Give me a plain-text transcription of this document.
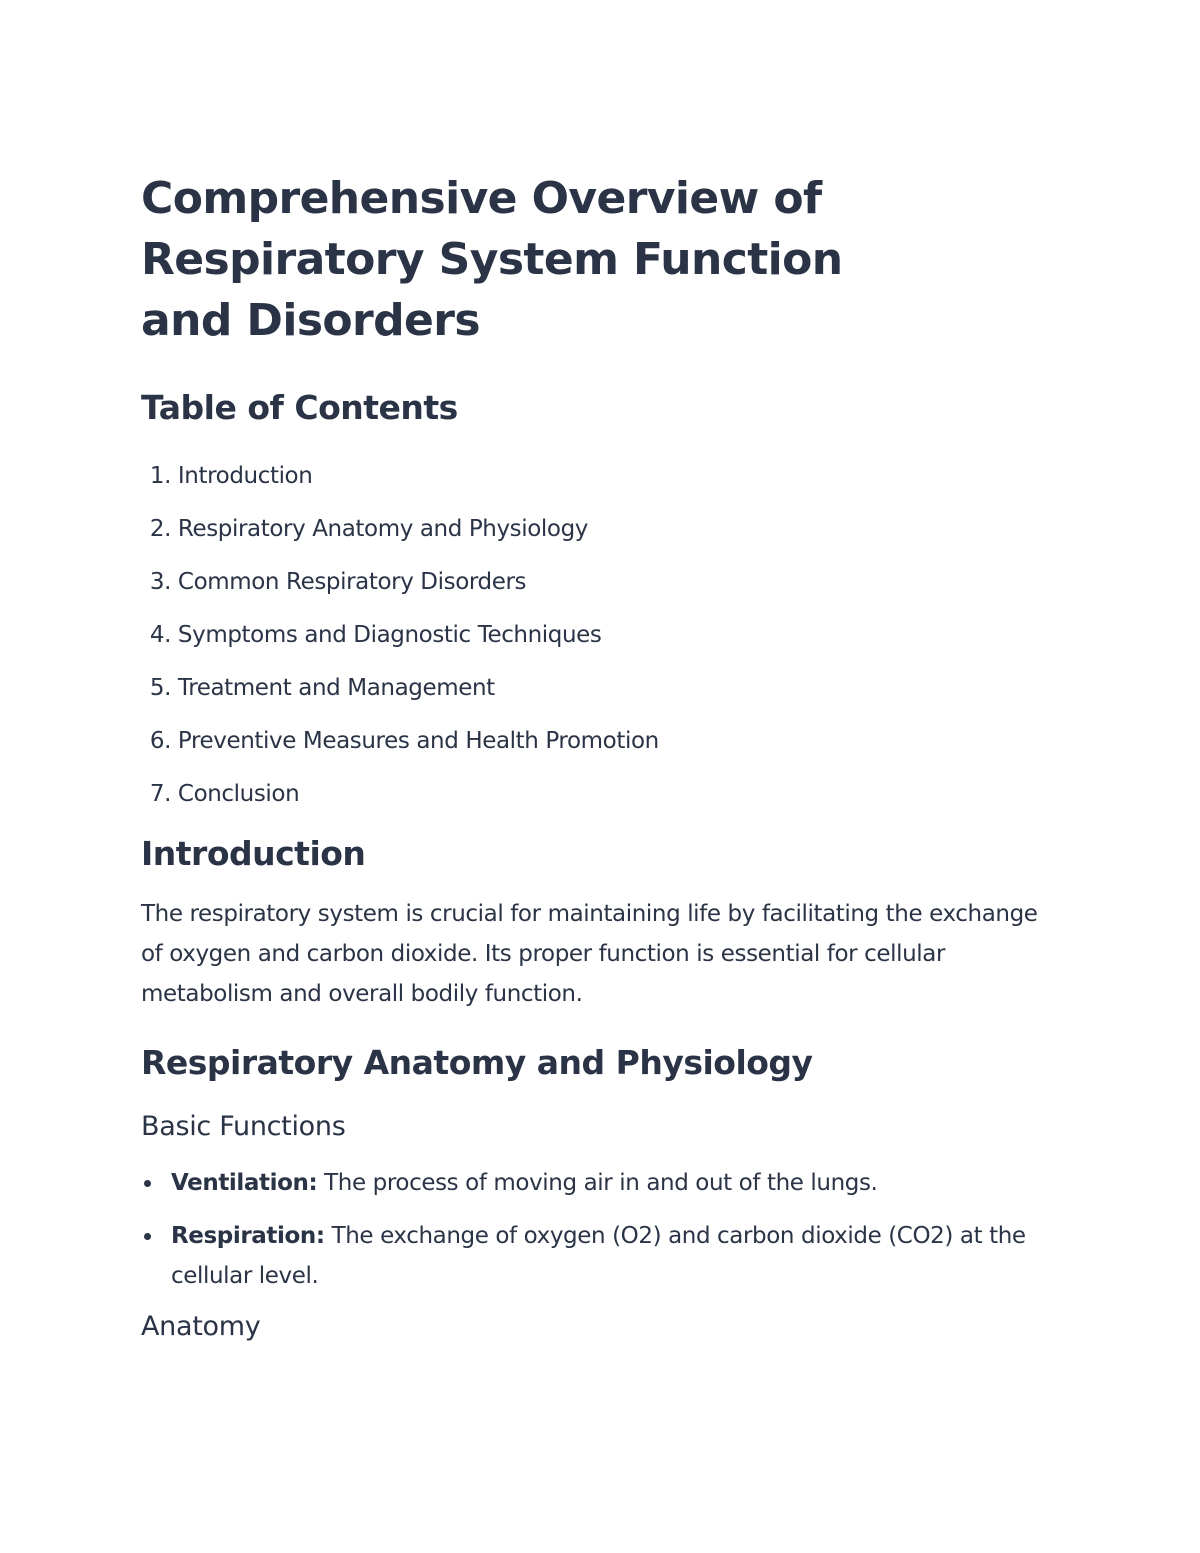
Comprehensive Overview of Respiratory System Function and Disorders
Table of Contents
1. Introduction
2. Respiratory Anatomy and Physiology
3. Common Respiratory Disorders
4. Symptoms and Diagnostic Techniques
5. Treatment and Management
6. Preventive Measures and Health Promotion
7. Conclusion
Introduction

The respiratory system is crucial for maintaining life by facilitating the exchange of oxygen and carbon dioxide. Its proper function is essential for cellular metabolism and overall bodily function.

Respiratory Anatomy and Physiology
Basic Functions
Ventilation: The process of moving air in and out of the lungs.
Respiration: The exchange of oxygen (O2) and carbon dioxide (CO2) at the cellular level.
Anatomy
